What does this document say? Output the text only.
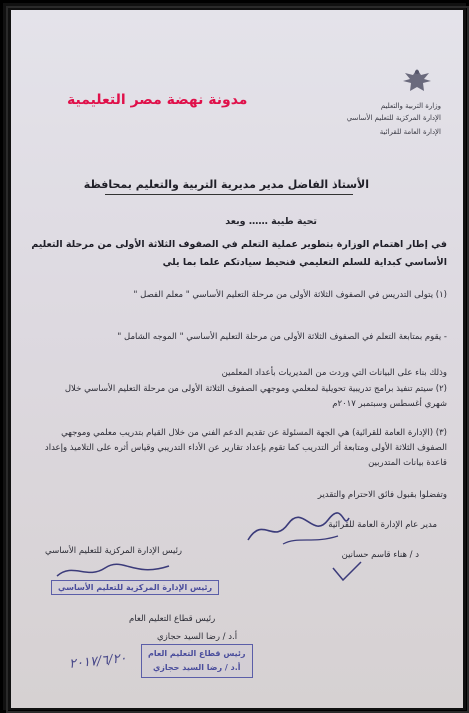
وزارة التربية والتعليم
الإدارة المركزية للتعليم الأساسي
الإدارة العامة للقرائية
مدونة نهضة مصر التعليمية
الأستاذ الفاضل مدير مديرية التربية والتعليم بمحافظة
تحية طيبة …… وبعد
في إطار اهتمام الوزارة بتطوير عملية التعلم في الصفوف الثلاثة الأولى من مرحلة التعليم الأساسي كبداية للسلم التعليمي فنحيط سيادتكم علما بما يلي
(١) يتولى التدريس في الصفوف الثلاثة الأولى من مرحلة التعليم الأساسي " معلم الفصل "
- يقوم بمتابعة التعلم في الصفوف الثلاثة الأولى من مرحلة التعليم الأساسي " الموجه الشامل "
وذلك بناء على البيانات التي وردت من المديريات بأعداد المعلمين
(٢) سيتم تنفيذ برامج تدريبية تحويلية لمعلمي وموجهي الصفوف الثلاثة الأولى من مرحلة التعليم الأساسي خلال شهري أغسطس وسبتمبر ٢٠١٧م
(٣) (الإدارة العامة للقرائية) هي الجهة المسئولة عن تقديم الدعم الفني من خلال القيام بتدريب معلمي وموجهي الصفوف الثلاثة الأولى ومتابعة أثر التدريب كما تقوم بإعداد تقارير عن الأداء التدريبي وقياس أثره على التلاميذ وإعداد قاعدة بيانات المتدربين
وتفضلوا بقبول فائق الاحترام والتقدير
مدير عام الإدارة العامة للقرائية
د / هناء قاسم حسانين
رئيس الإدارة المركزية للتعليم الأساسي
رئيس الإدارة المركزية للتعليم الأساسي
رئيس قطاع التعليم العام
أ.د / رضا السيد حجازي
رئيس قطاع التعليم العام
أ.د / رضا السيد حجازي
٢٠١٧/٦/٢٠
